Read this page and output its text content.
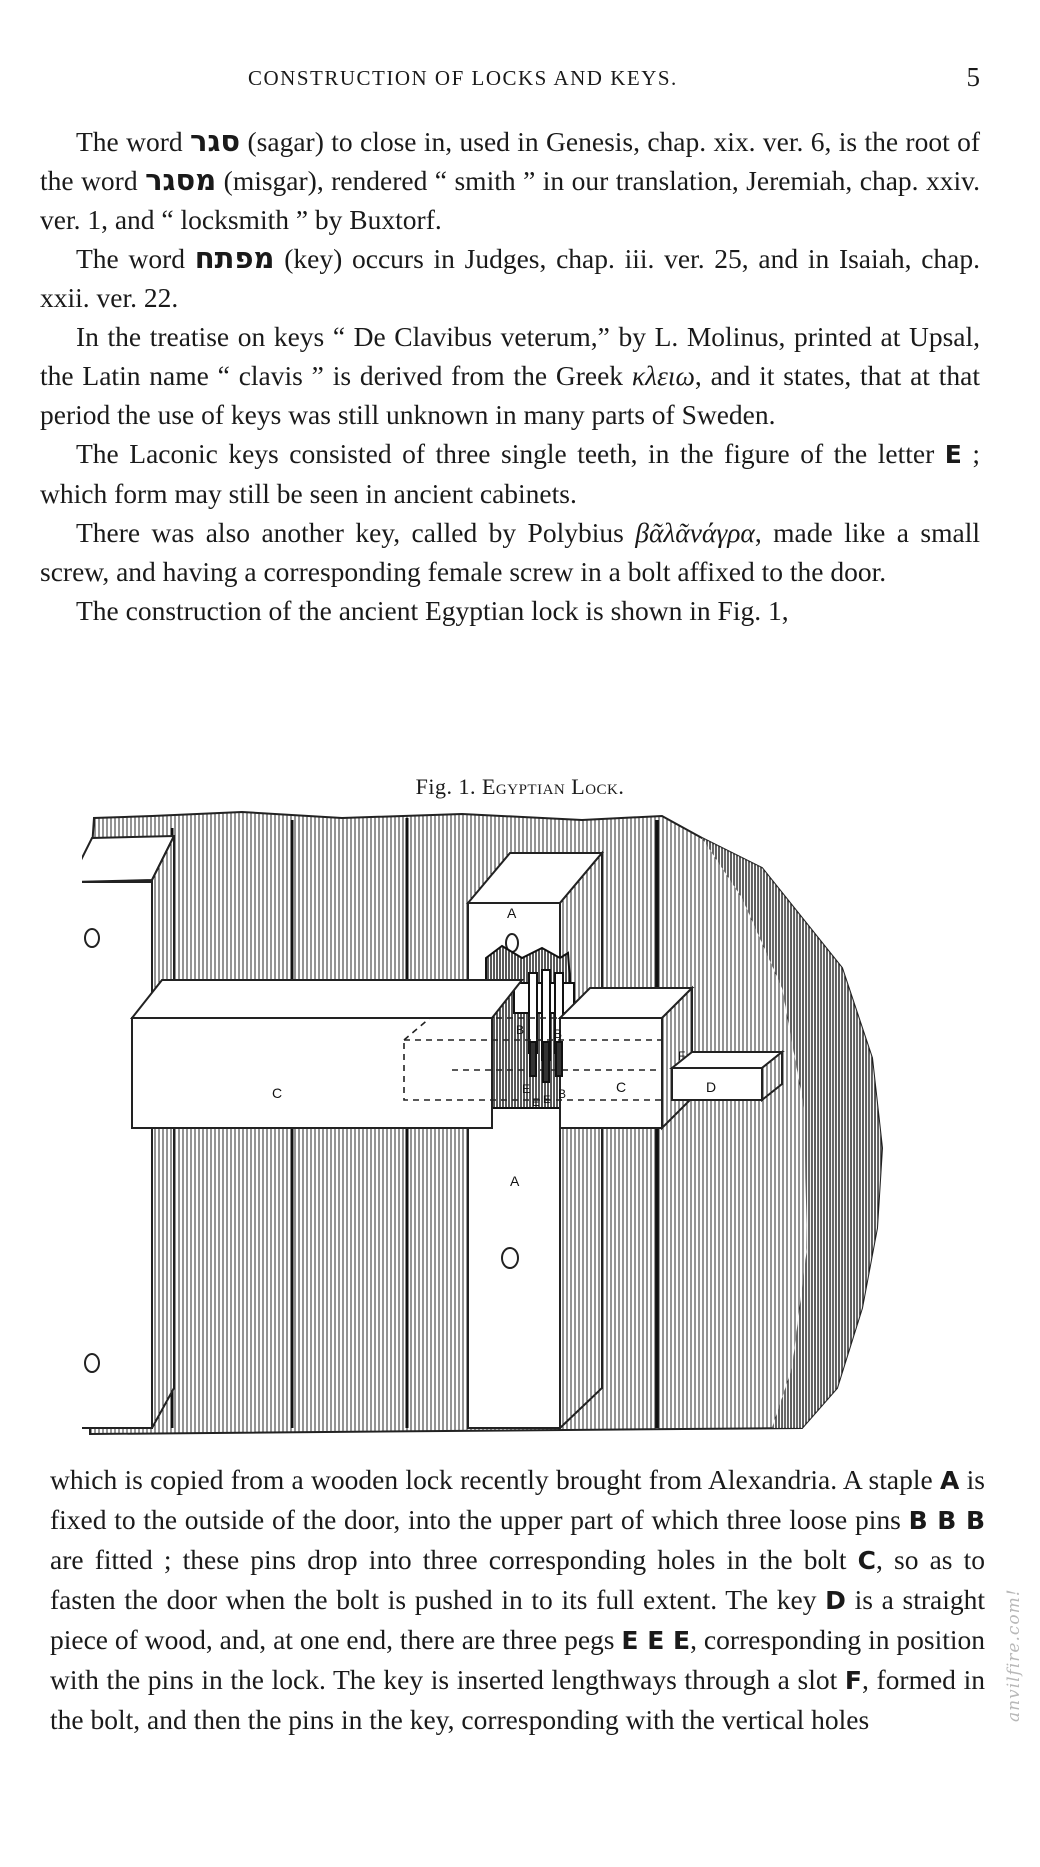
CONSTRUCTION OF LOCKS AND KEYS.	5

The word סגר (sagar) to close in, used in Genesis, chap. xix. ver. 6, is the root of the word מסגר (misgar), rendered “ smith ” in our translation, Jeremiah, chap. xxiv. ver. 1, and “ locksmith ” by Buxtorf.

The word מפתח (key) occurs in Judges, chap. iii. ver. 25, and in Isaiah, chap. xxii. ver. 22.

In the treatise on keys “ De Clavibus veterum,” by L. Molinus, printed at Upsal, the Latin name “ clavis ” is derived from the Greek κλειω, and it states, that at that period the use of keys was still unknown in many parts of Sweden.

The Laconic keys consisted of three single teeth, in the figure of the letter E ; which form may still be seen in ancient cabinets.

There was also another key, called by Polybius βᾶλᾶνάγρα, made like a small screw, and having a corresponding female screw in a bolt affixed to the door.

The construction of the ancient Egyptian lock is shown in Fig. 1,

Fig. 1. Egyptian Lock.
A
A
B B
B
C	C	D
E
E E
F

which is copied from a wooden lock recently brought from Alexandria. A staple A is fixed to the outside of the door, into the upper part of which three loose pins B B B are fitted ; these pins drop into three corresponding holes in the bolt C, so as to fasten the door when the bolt is pushed in to its full extent. The key D is a straight piece of wood, and, at one end, there are three pegs E E E, corresponding in position with the pins in the lock. The key is inserted lengthways through a slot F, formed in the bolt, and then the pins in the key, corresponding with the vertical holes	anvilfire.com!
